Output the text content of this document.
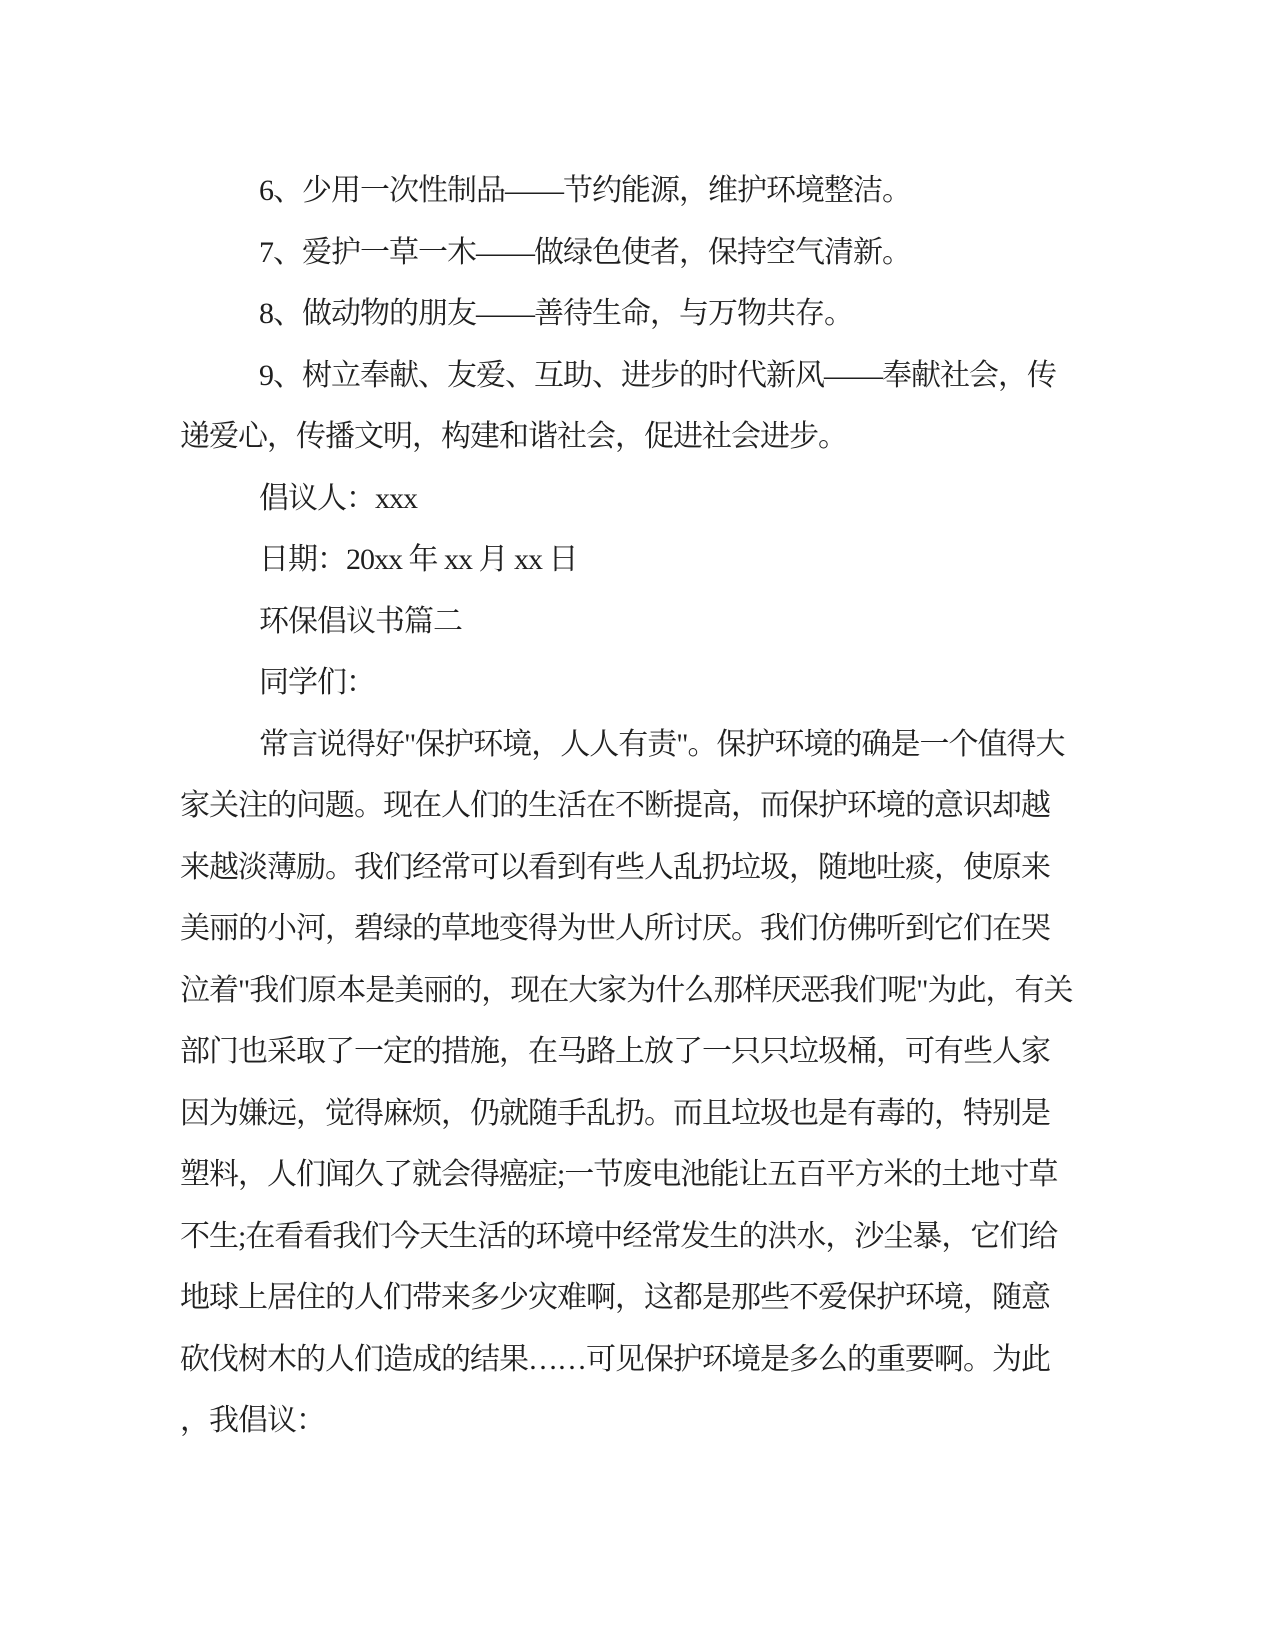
6、少用一次性制品——节约能源，维护环境整洁。
7、爱护一草一木——做绿色使者，保持空气清新。
8、做动物的朋友——善待生命，与万物共存。
9、树立奉献、友爱、互助、进步的时代新风——奉献社会，传
递爱心，传播文明，构建和谐社会，促进社会进步。
倡议人：xxx
日期：20xx 年 xx 月 xx 日
环保倡议书篇二
同学们：
常言说得好"保护环境，人人有责"。保护环境的确是一个值得大
家关注的问题。现在人们的生活在不断提高，而保护环境的意识却越
来越淡薄励。我们经常可以看到有些人乱扔垃圾，随地吐痰，使原来
美丽的小河，碧绿的草地变得为世人所讨厌。我们仿佛听到它们在哭
泣着"我们原本是美丽的，现在大家为什么那样厌恶我们呢"为此，有关
部门也采取了一定的措施，在马路上放了一只只垃圾桶，可有些人家
因为嫌远，觉得麻烦，仍就随手乱扔。而且垃圾也是有毒的，特别是
塑料，人们闻久了就会得癌症;一节废电池能让五百平方米的土地寸草
不生;在看看我们今天生活的环境中经常发生的洪水，沙尘暴，它们给
地球上居住的人们带来多少灾难啊，这都是那些不爱保护环境，随意
砍伐树木的人们造成的结果……可见保护环境是多么的重要啊。为此
，我倡议：
